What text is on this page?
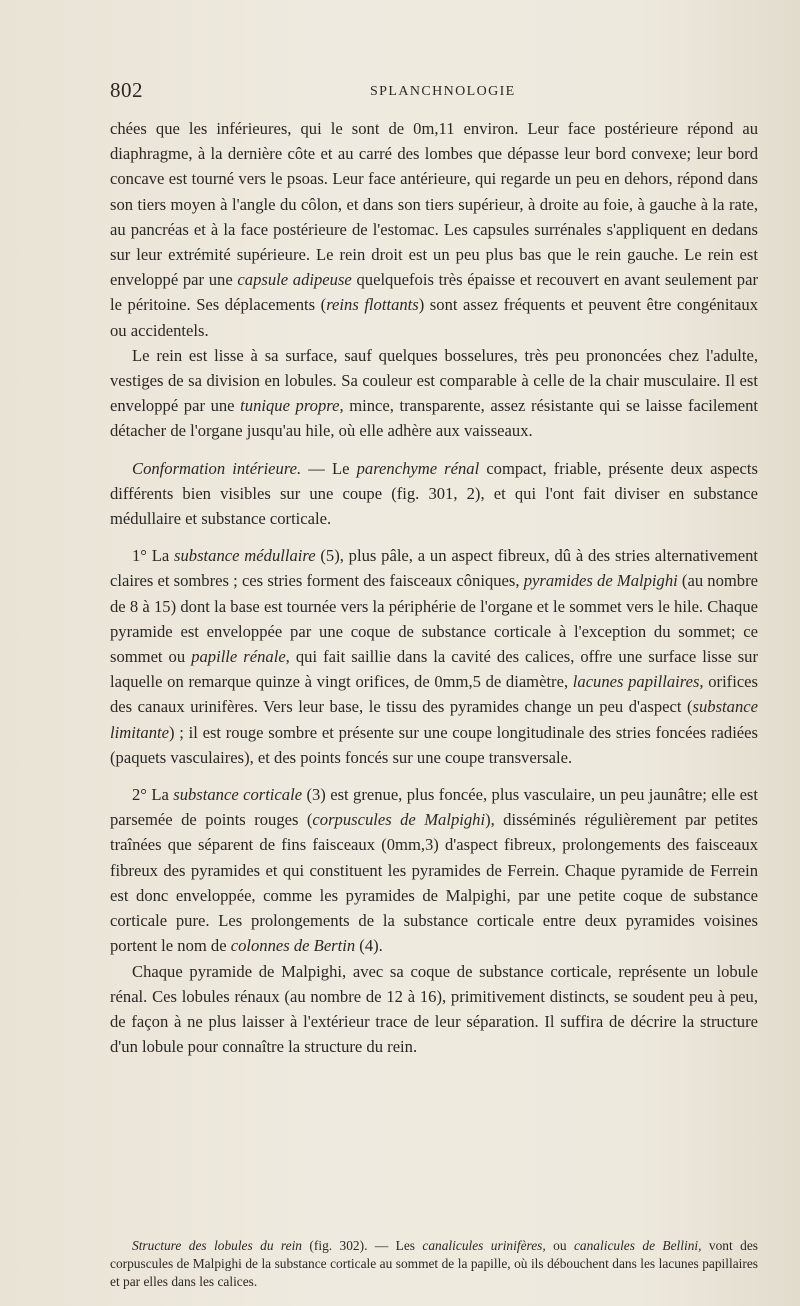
802	SPLANCHNOLOGIE

chées que les inférieures, qui le sont de 0m,11 environ. Leur face postérieure répond au diaphragme, à la dernière côte et au carré des lombes que dépasse leur bord convexe; leur bord concave est tourné vers le psoas. Leur face antérieure, qui regarde un peu en dehors, répond dans son tiers moyen à l'angle du côlon, et dans son tiers supérieur, à droite au foie, à gauche à la rate, au pancréas et à la face postérieure de l'estomac. Les capsules surrénales s'appliquent en dedans sur leur extrémité supérieure. Le rein droit est un peu plus bas que le rein gauche. Le rein est enveloppé par une capsule adipeuse quelquefois très épaisse et recouvert en avant seulement par le péritoine. Ses déplacements (reins flottants) sont assez fréquents et peuvent être congénitaux ou accidentels.

Le rein est lisse à sa surface, sauf quelques bosselures, très peu prononcées chez l'adulte, vestiges de sa division en lobules. Sa couleur est comparable à celle de la chair musculaire. Il est enveloppé par une tunique propre, mince, transparente, assez résistante qui se laisse facilement détacher de l'organe jusqu'au hile, où elle adhère aux vaisseaux.

Conformation intérieure. — Le parenchyme rénal compact, friable, présente deux aspects différents bien visibles sur une coupe (fig. 301, 2), et qui l'ont fait diviser en substance médullaire et substance corticale.

1° La substance médullaire (5), plus pâle, a un aspect fibreux, dû à des stries alternativement claires et sombres ; ces stries forment des faisceaux côniques, pyramides de Malpighi (au nombre de 8 à 15) dont la base est tournée vers la périphérie de l'organe et le sommet vers le hile. Chaque pyramide est enveloppée par une coque de substance corticale à l'exception du sommet; ce sommet ou papille rénale, qui fait saillie dans la cavité des calices, offre une surface lisse sur laquelle on remarque quinze à vingt orifices, de 0mm,5 de diamètre, lacunes papillaires, orifices des canaux urinifères. Vers leur base, le tissu des pyramides change un peu d'aspect (substance limitante) ; il est rouge sombre et présente sur une coupe longitudinale des stries foncées radiées (paquets vasculaires), et des points foncés sur une coupe transversale.

2° La substance corticale (3) est grenue, plus foncée, plus vasculaire, un peu jaunâtre; elle est parsemée de points rouges (corpuscules de Malpighi), disséminés régulièrement par petites traînées que séparent de fins faisceaux (0mm,3) d'aspect fibreux, prolongements des faisceaux fibreux des pyramides et qui constituent les pyramides de Ferrein. Chaque pyramide de Ferrein est donc enveloppée, comme les pyramides de Malpighi, par une petite coque de substance corticale pure. Les prolongements de la substance corticale entre deux pyramides voisines portent le nom de colonnes de Bertin (4).

Chaque pyramide de Malpighi, avec sa coque de substance corticale, représente un lobule rénal. Ces lobules rénaux (au nombre de 12 à 16), primitivement distincts, se soudent peu à peu, de façon à ne plus laisser à l'extérieur trace de leur séparation. Il suffira de décrire la structure d'un lobule pour connaître la structure du rein.

Structure des lobules du rein (fig. 302). — Les canalicules urinifères, ou canalicules de Bellini, vont des corpuscules de Malpighi de la substance corticale au sommet de la papille, où ils débouchent dans les lacunes papillaires et par elles dans les calices.
